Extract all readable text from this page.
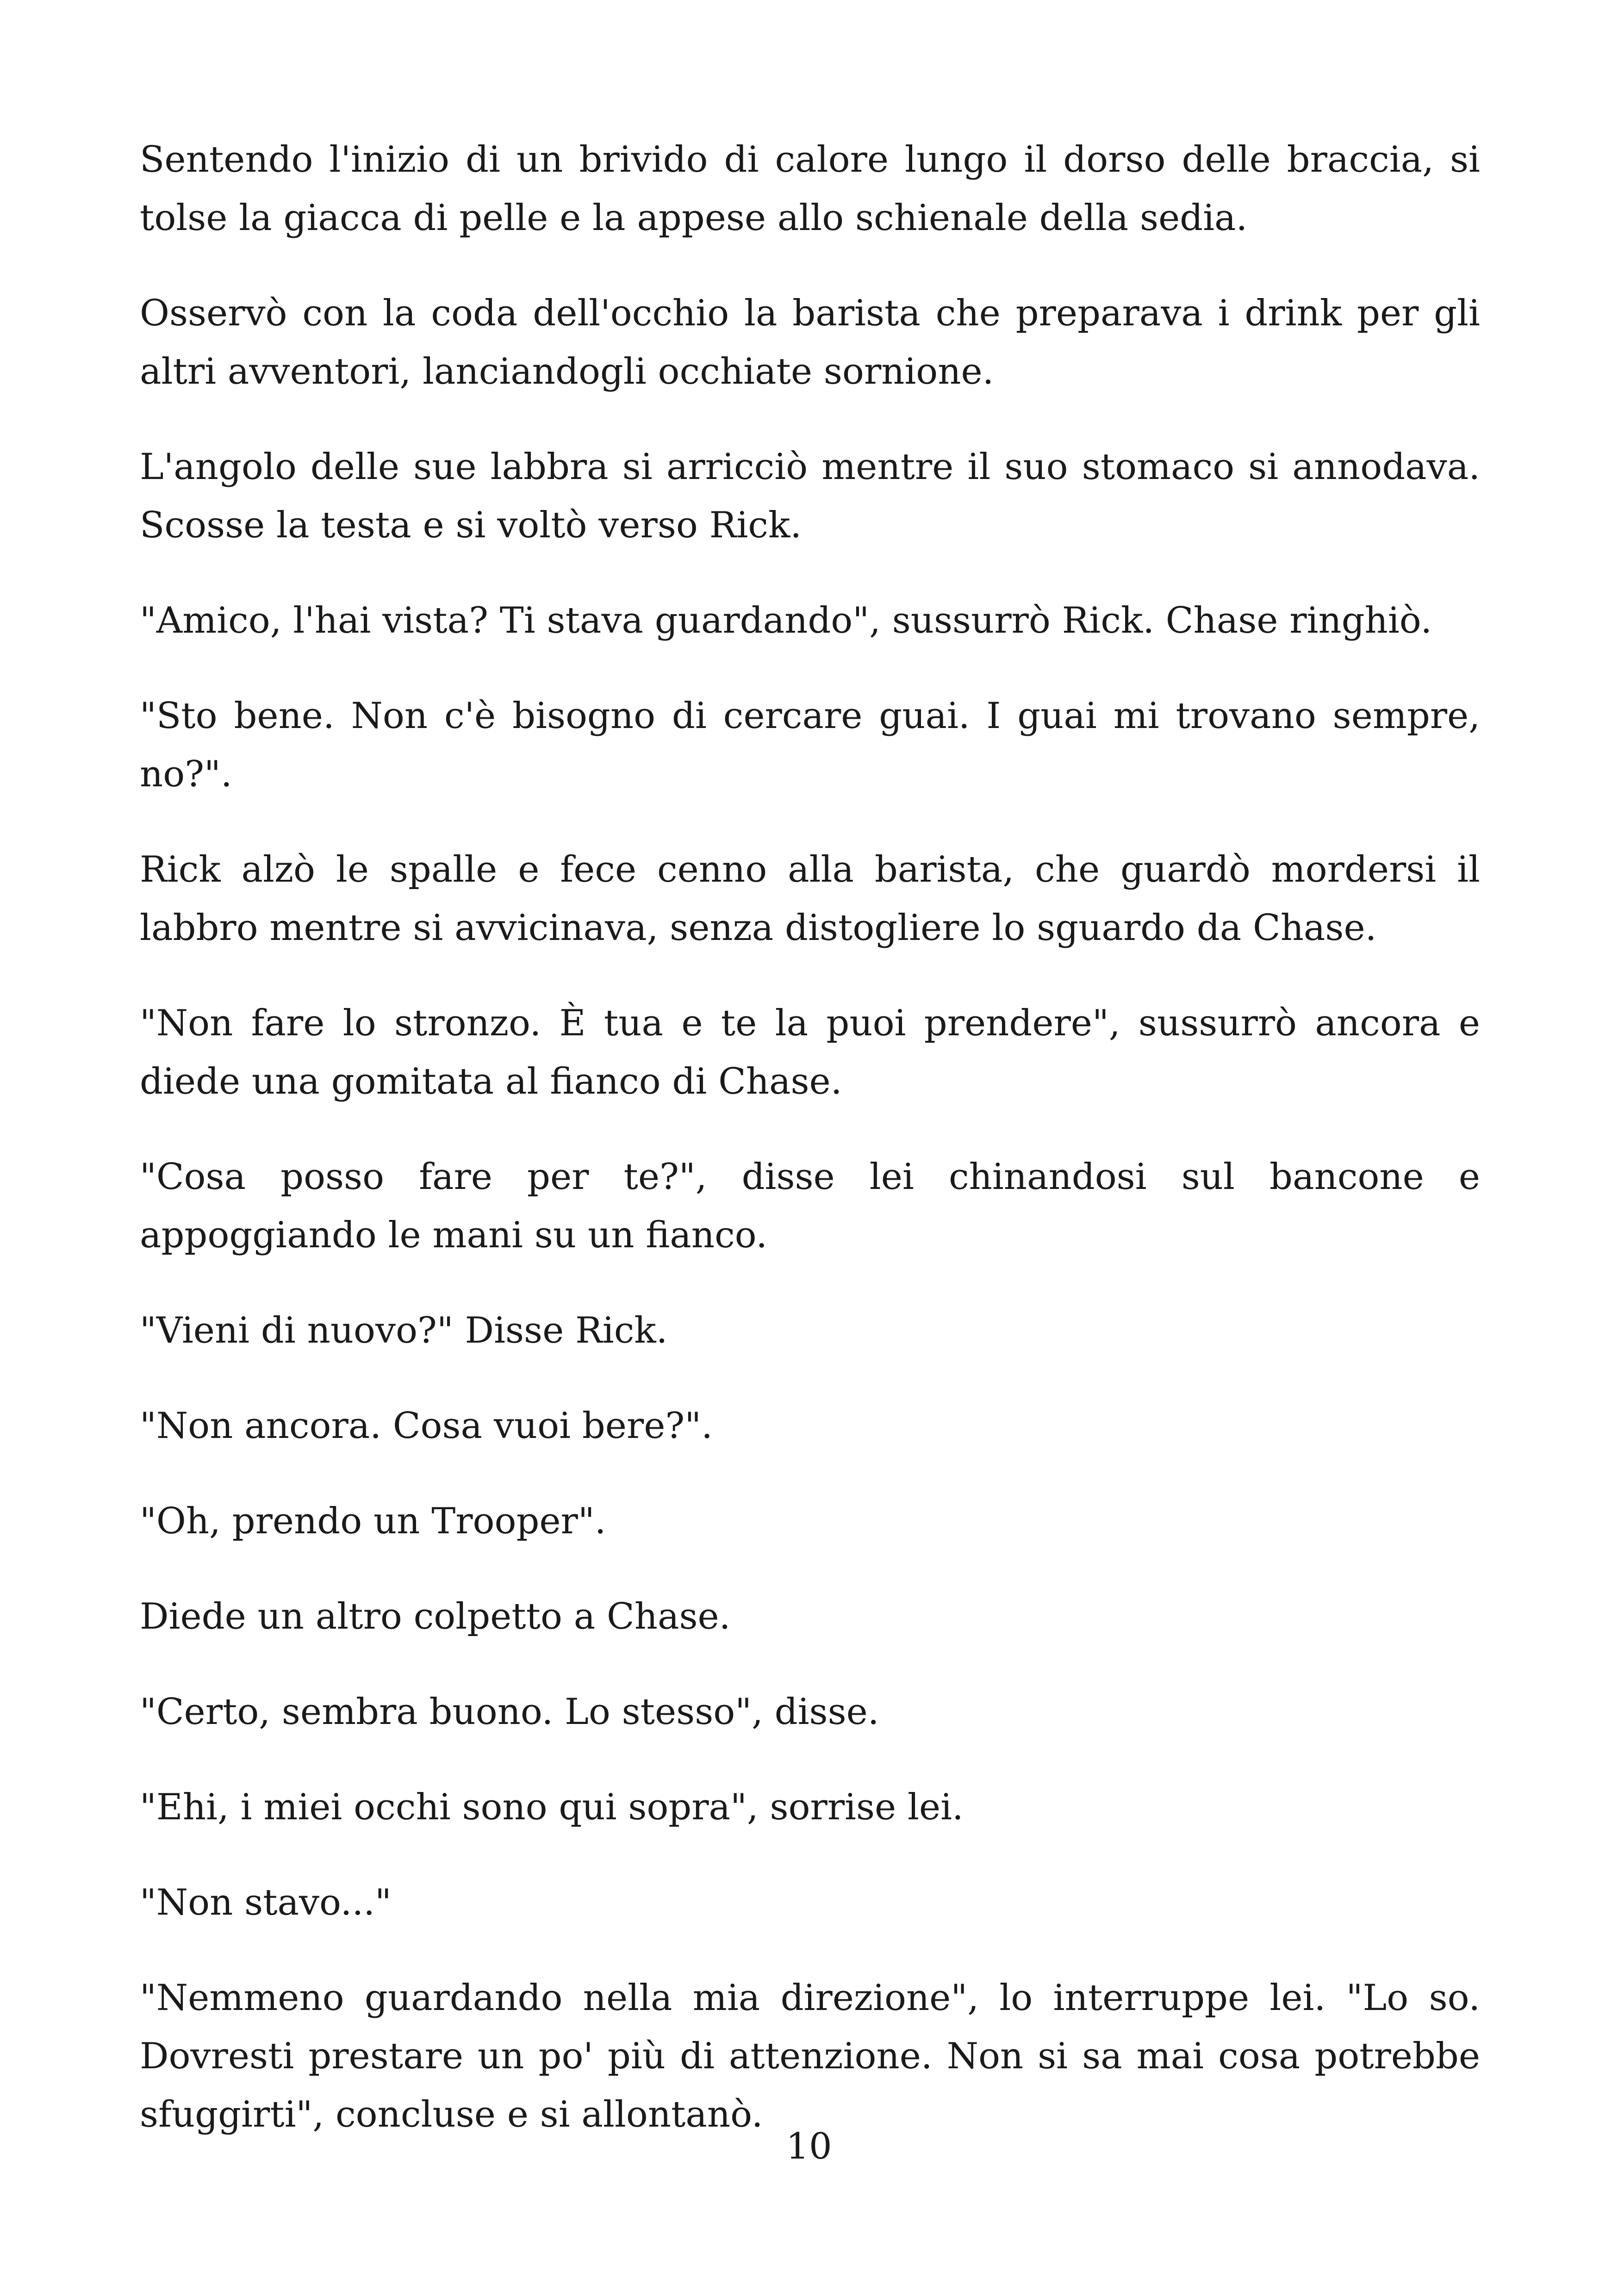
Sentendo l'inizio di un brivido di calore lungo il dorso delle braccia, si tolse la giacca di pelle e la appese allo schienale della sedia.

Osservò con la coda dell'occhio la barista che preparava i drink per gli altri avventori, lanciandogli occhiate sornione.

L'angolo delle sue labbra si arricciò mentre il suo stomaco si annodava. Scosse la testa e si voltò verso Rick.

"Amico, l'hai vista? Ti stava guardando", sussurrò Rick. Chase ringhiò.

"Sto bene. Non c'è bisogno di cercare guai. I guai mi trovano sempre, no?".

Rick alzò le spalle e fece cenno alla barista, che guardò mordersi il labbro mentre si avvicinava, senza distogliere lo sguardo da Chase.

"Non fare lo stronzo. È tua e te la puoi prendere", sussurrò ancora e diede una gomitata al fianco di Chase.

"Cosa posso fare per te?", disse lei chinandosi sul bancone e appoggiando le mani su un fianco.

"Vieni di nuovo?" Disse Rick.

"Non ancora. Cosa vuoi bere?".

"Oh, prendo un Trooper".

Diede un altro colpetto a Chase.

"Certo, sembra buono. Lo stesso", disse.

"Ehi, i miei occhi sono qui sopra", sorrise lei.

"Non stavo..."

"Nemmeno guardando nella mia direzione", lo interruppe lei. "Lo so. Dovresti prestare un po' più di attenzione. Non si sa mai cosa potrebbe sfuggirti", concluse e si allontanò.

10
